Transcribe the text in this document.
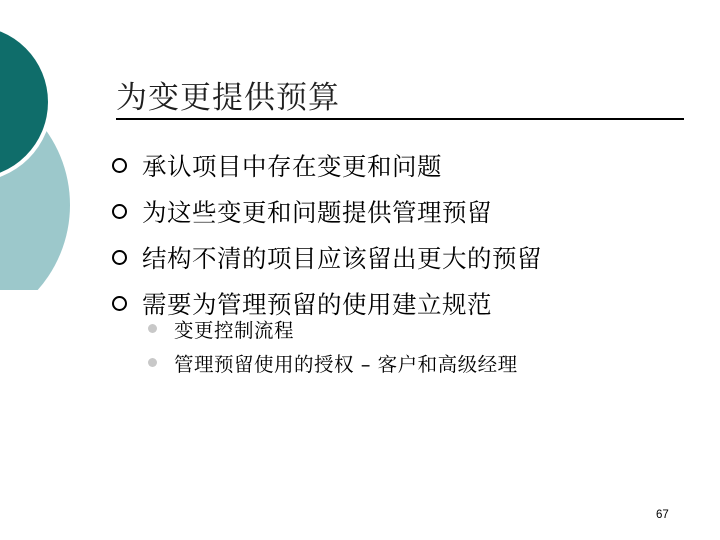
为变更提供预算
承认项目中存在变更和问题
为这些变更和问题提供管理预留
结构不清的项目应该留出更大的预留
需要为管理预留的使用建立规范
变更控制流程
管理预留使用的授权 – 客户和高级经理
67
